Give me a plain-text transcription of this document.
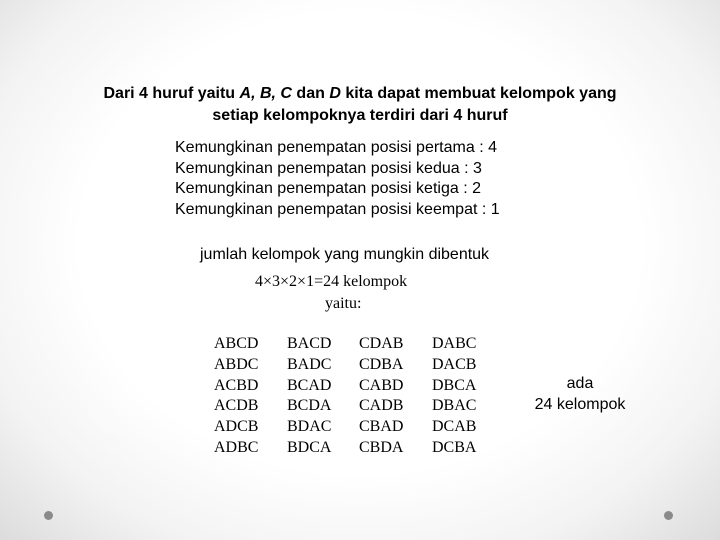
Dari 4 huruf yaitu A, B, C dan D kita dapat membuat kelompok yang
setiap kelompoknya terdiri dari 4 huruf
Kemungkinan penempatan posisi pertama : 4
Kemungkinan penempatan posisi kedua : 3
Kemungkinan penempatan posisi ketiga : 2
Kemungkinan penempatan posisi keempat : 1
jumlah kelompok yang mungkin dibentuk
4×3×2×1=24 kelompok
yaitu:
ABCD
ABDC
ACBD
ACDB
ADCB
ADBC
BACD
BADC
BCAD
BCDA
BDAC
BDCA
CDAB
CDBA
CABD
CADB
CBAD
CBDA
DABC
DACB
DBCA
DBAC
DCAB
DCBA
ada
24 kelompok
